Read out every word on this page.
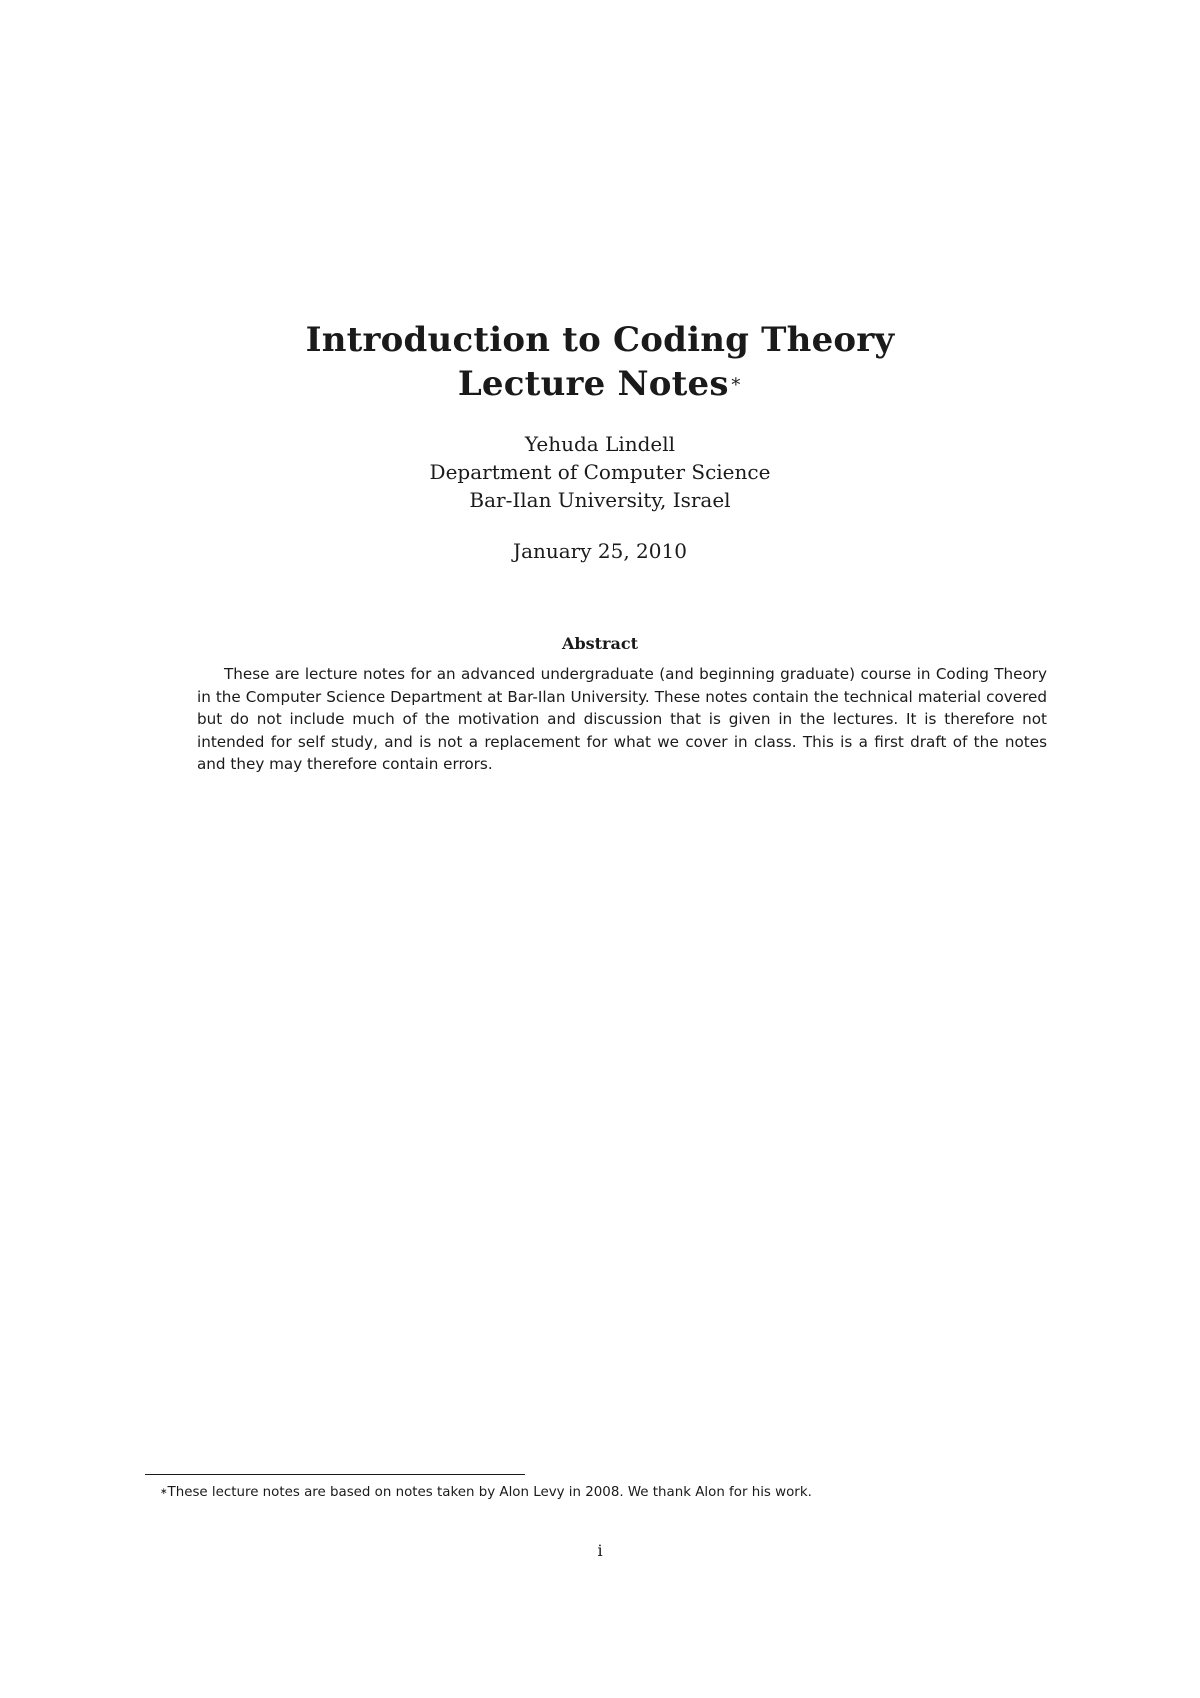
Introduction to Coding Theory
Lecture Notes∗
Yehuda Lindell
Department of Computer Science
Bar-Ilan University, Israel
January 25, 2010
Abstract
These are lecture notes for an advanced undergraduate (and beginning graduate) course in Coding Theory in the Computer Science Department at Bar-Ilan University. These notes contain the technical material covered but do not include much of the motivation and discussion that is given in the lectures. It is therefore not intended for self study, and is not a replacement for what we cover in class. This is a first draft of the notes and they may therefore contain errors.
∗These lecture notes are based on notes taken by Alon Levy in 2008. We thank Alon for his work.
i
